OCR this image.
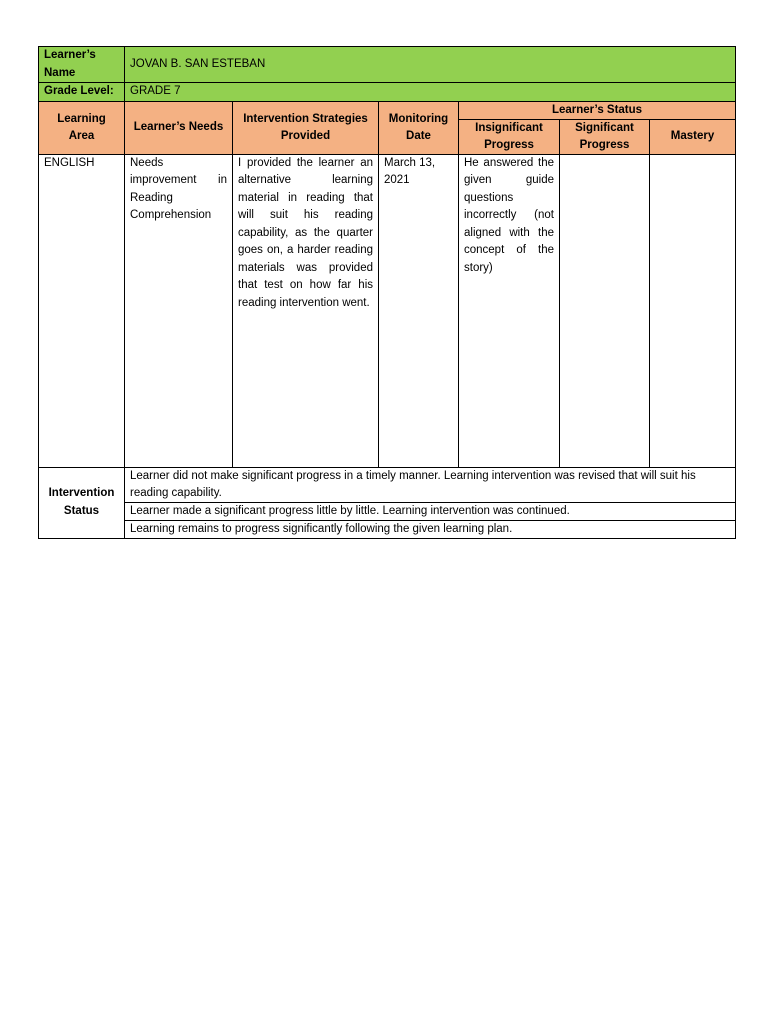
Learner’s Name	JOVAN B. SAN ESTEBAN					
Grade Level:	GRADE 7					
Learning Area	Learner’s Needs	Intervention Strategies Provided	Monitoring Date	Learner’s Status		
				Insignificant Progress	Significant Progress	Mastery
ENGLISH	Needs improvement in Reading Comprehension	I provided the learner an alternative learning material in reading that will suit his reading capability, as the quarter goes on, a harder reading materials was provided that test on how far his reading intervention went.	March 13, 2021	He answered the given guide questions incorrectly (not aligned with the concept of the story)		
Intervention Status	Learner did not make significant progress in a timely manner. Learning intervention was revised that will suit his reading capability.					
	Learner made a significant progress little by little. Learning intervention was continued.					
	Learning remains to progress significantly following the given learning plan.					
